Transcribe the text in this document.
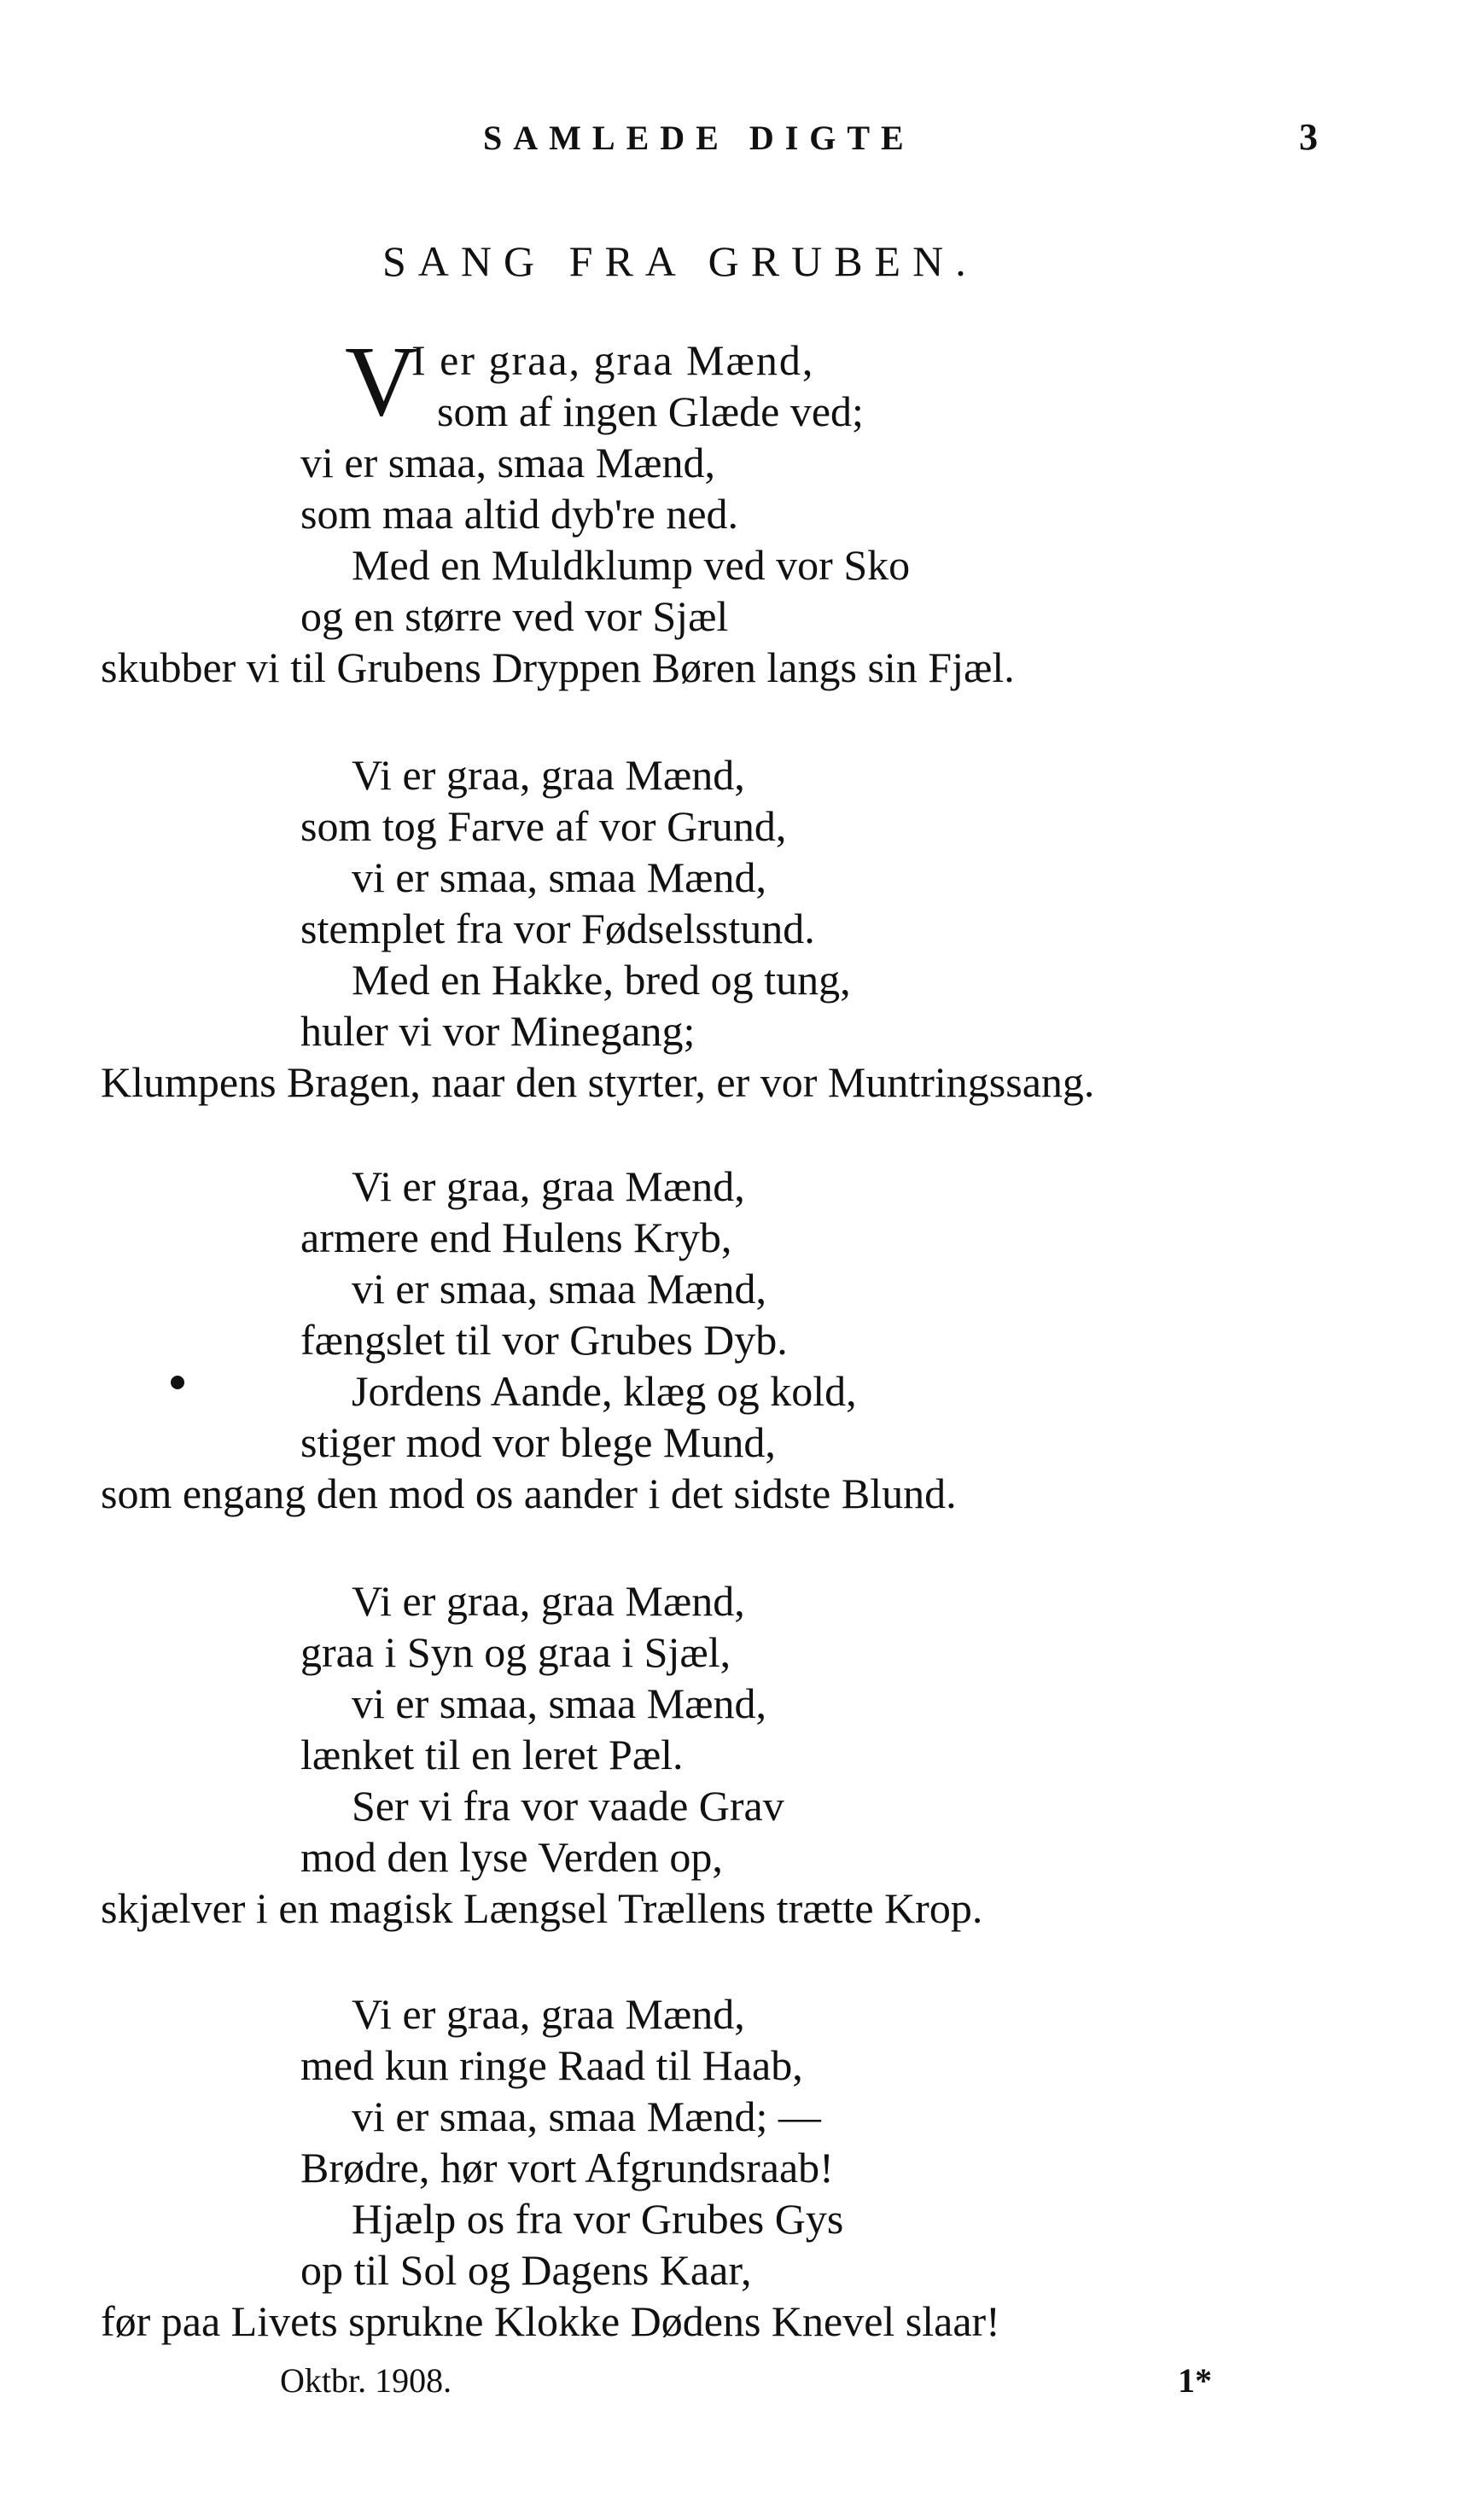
SAMLEDE DIGTE	3
SANG FRA GRUBEN.
V
I er graa, graa Mænd,
som af ingen Glæde ved;
vi er smaa, smaa Mænd,
som maa altid dyb're ned.
Med en Muldklump ved vor Sko
og en større ved vor Sjæl
skubber vi til Grubens Dryppen Børen langs sin Fjæl.
Vi er graa, graa Mænd,
som tog Farve af vor Grund,
vi er smaa, smaa Mænd,
stemplet fra vor Fødselsstund.
Med en Hakke, bred og tung,
huler vi vor Minegang;
Klumpens Bragen, naar den styrter, er vor Muntringssang.
Vi er graa, graa Mænd,
armere end Hulens Kryb,
vi er smaa, smaa Mænd,
fængslet til vor Grubes Dyb.
Jordens Aande, klæg og kold,
stiger mod vor blege Mund,
som engang den mod os aander i det sidste Blund.
Vi er graa, graa Mænd,
graa i Syn og graa i Sjæl,
vi er smaa, smaa Mænd,
lænket til en leret Pæl.
Ser vi fra vor vaade Grav
mod den lyse Verden op,
skjælver i en magisk Længsel Trællens trætte Krop.
Vi er graa, graa Mænd,
med kun ringe Raad til Haab,
vi er smaa, smaa Mænd; —
Brødre, hør vort Afgrundsraab!
Hjælp os fra vor Grubes Gys
op til Sol og Dagens Kaar,
før paa Livets sprukne Klokke Dødens Knevel slaar!
Oktbr. 1908.	1*
